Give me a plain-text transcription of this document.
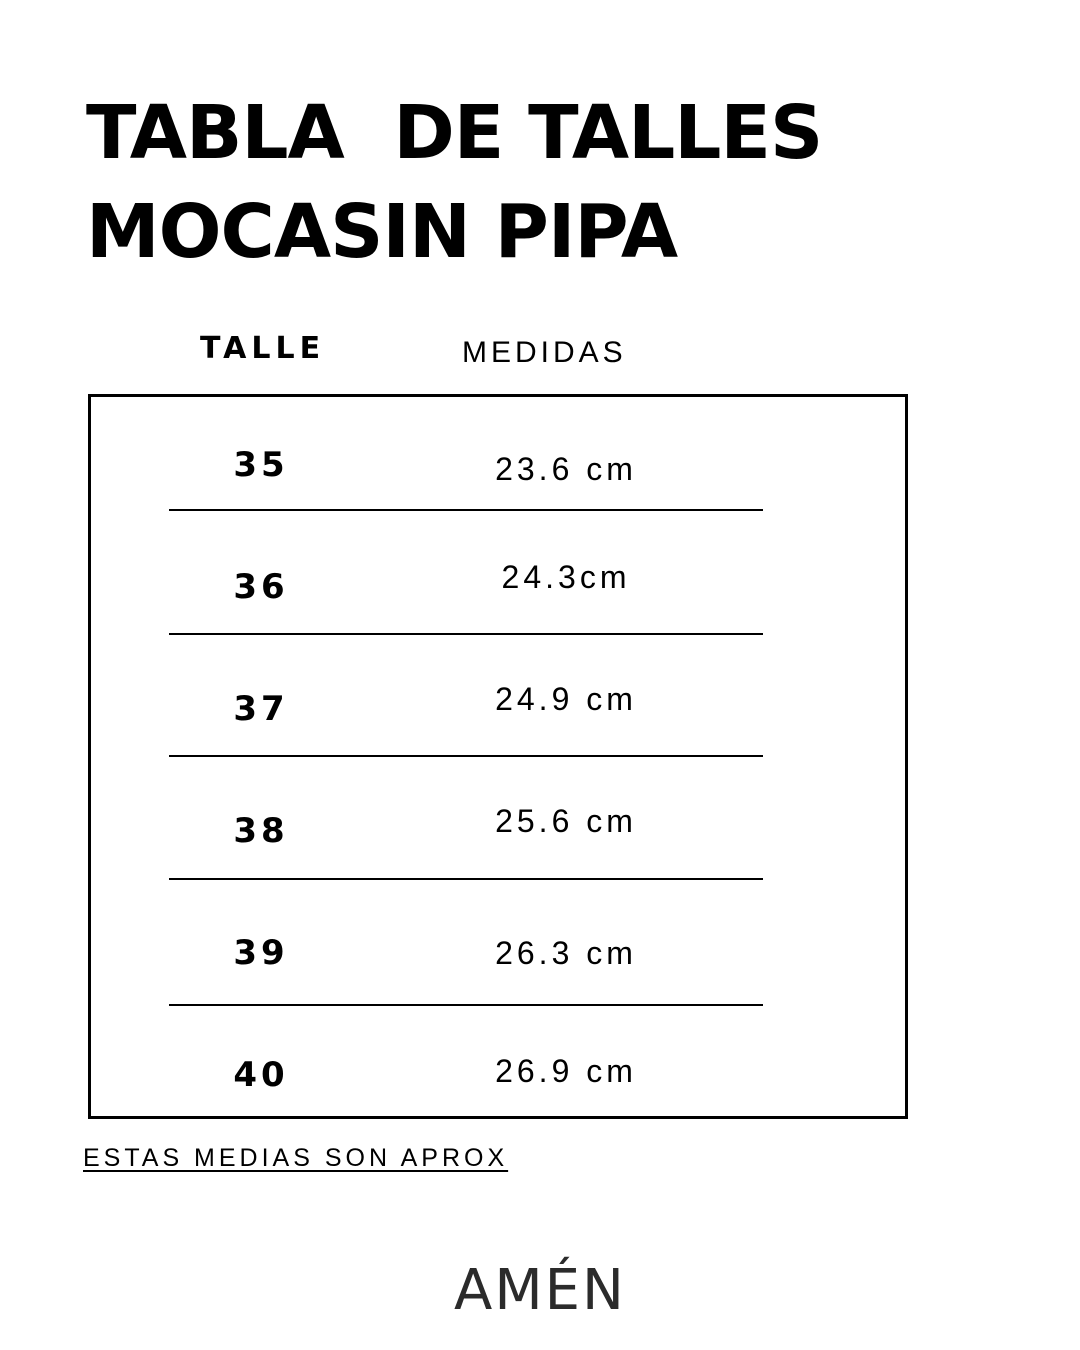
TABLA  DE TALLES
MOCASIN PIPA
TALLE	MEDIDAS
35	23.6 cm
36	24.3cm
37	24.9 cm
38	25.6 cm
39	26.3 cm
40	26.9 cm
ESTAS MEDIAS SON APROX
AMÉN
